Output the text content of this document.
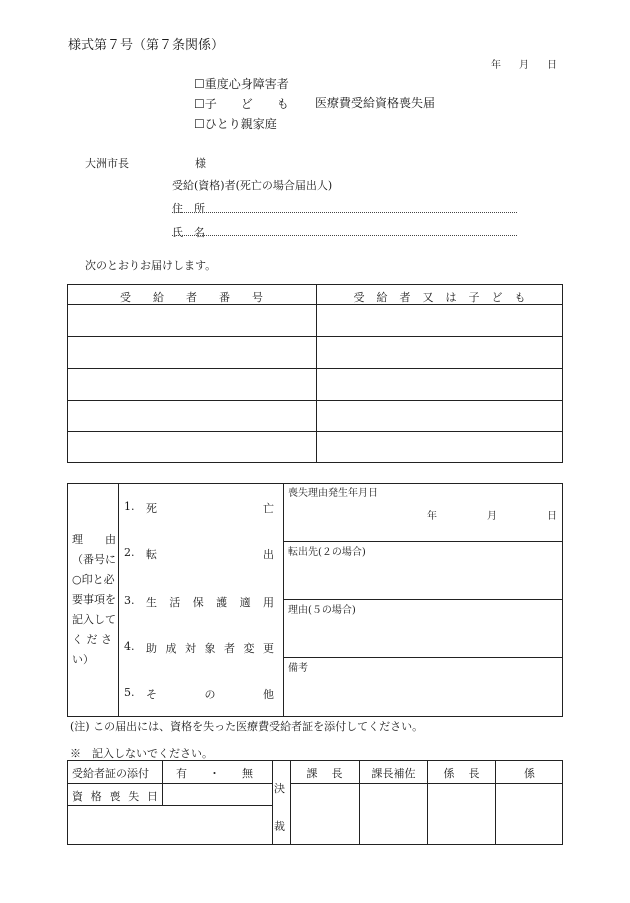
様式第７号（第７条関係）
年 月 日
☐重度心身障害者
☐子　　ど　　も
☐ひとり親家庭
医療費受給資格喪失届
大洲市長	様
受給(資格)者(死亡の場合届出人)
住　所
氏　名
次のとおりお届けします。
受給者番号	受給者又は子ども
理　　由
（番号に
○印と必
要事項を
記入して
く だ さ
い）
1. 死	亡
2. 転	出
3. 生 活 保 護 適 用
4. 助 成 対 象 者 変 更
5. そ	の	他
喪失理由発生年月日
年	月	日
転出先(２の場合)
理由(５の場合)
備考
(注) この届出には、資格を失った医療費受給者証を添付してください。
※　記入しないでください。
受給者証の添付 有　　・　　無
資 格 喪 失 日
決
裁
課長	課長補佐	係長	係
